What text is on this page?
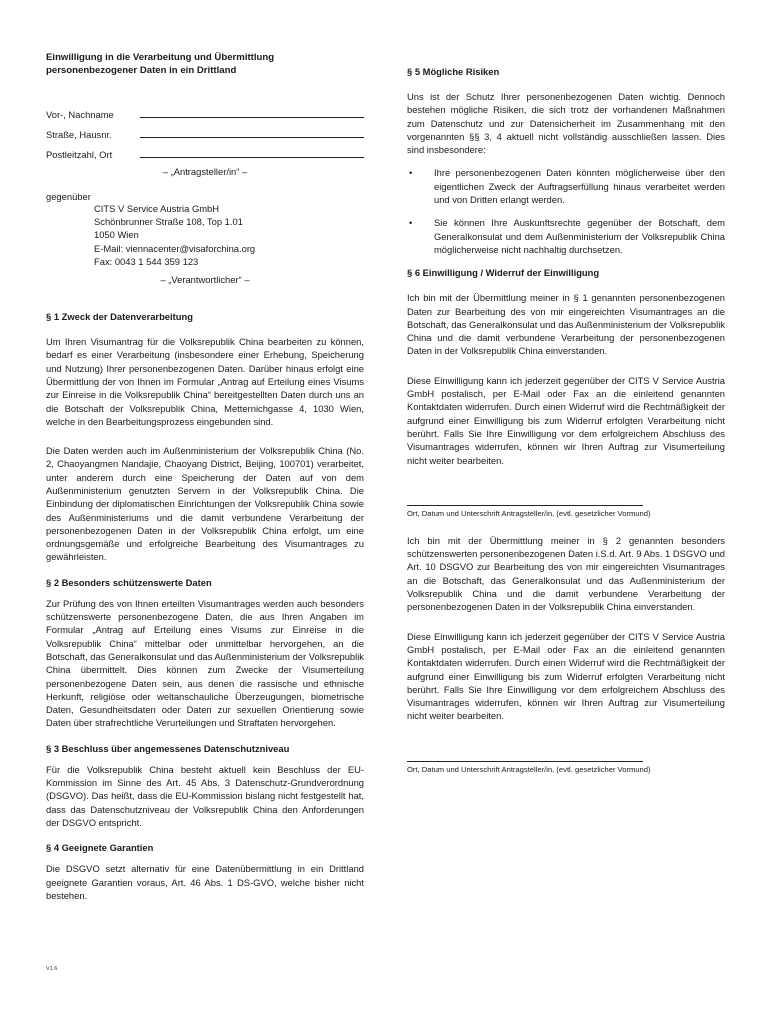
Einwilligung in die Verarbeitung und Übermittlung
personenbezogener Daten in ein Drittland
Vor-, Nachname
Straße, Hausnr.
Postleitzahl, Ort
– „Antragsteller/in“ –
gegenüber
CITS V Service Austria GmbH
Schönbrunner Straße 108, Top 1.01
1050 Wien
E-Mail: viennacenter@visaforchina.org
Fax: 0043 1 544 359 123
– „Verantwortlicher“ –
§ 1 Zweck der Datenverarbeitung

Um Ihren Visumantrag für die Volksrepublik China bearbeiten zu können, bedarf es einer Verarbeitung (insbesondere einer Erhebung, Speicherung und Nutzung) Ihrer personenbezogenen Daten. Darüber hinaus erfolgt eine Übermittlung der von Ihnen im Formular „Antrag auf Erteilung eines Visums zur Einreise in die Volksrepublik China“ bereitgestellten Daten durch uns an die Botschaft der Volksrepublik China, Metternichgasse 4, 1030 Wien, welche in den Bearbeitungsprozess eingebunden sind.

Die Daten werden auch im Außenministerium der Volksrepublik China (No. 2, Chaoyangmen Nandajie, Chaoyang District, Beijing, 100701) verarbeitet, unter anderem durch eine Speicherung der Daten auf von dem Außenministerium genutzten Servern in der Volksrepublik China. Die Einbindung der diplomatischen Einrichtungen der Volksrepublik China sowie des Außenministeriums und die damit verbundene Verarbeitung der personenbezogenen Daten in der Volksrepublik China erfolgt, um eine ordnungsgemäße und erfolgreiche Bearbeitung des Visumantrages zu gewährleisten.

§ 2 Besonders schützenswerte Daten

Zur Prüfung des von Ihnen erteilten Visumantrages werden auch besonders schützenswerte personenbezogene Daten, die aus Ihren Angaben im Formular „Antrag auf Erteilung eines Visums zur Einreise in die Volksrepublik China“ mittelbar oder unmittelbar hervorgehen, an die Botschaft, das Generalkonsulat und das Außenministerium der Volksrepublik China übermittelt. Dies können zum Zwecke der Visumerteilung personenbezogene Daten sein, aus denen die rassische und ethnische Herkunft, religiöse oder weltanschauliche Überzeugungen, biometrische Daten, Gesundheitsdaten oder Daten zur sexuellen Orientierung sowie Daten über strafrechtliche Verurteilungen und Straftaten hervorgehen.

§ 3 Beschluss über angemessenes Datenschutzniveau

Für die Volksrepublik China besteht aktuell kein Beschluss der EU-Kommission im Sinne des Art. 45 Abs. 3 Datenschutz-Grundverordnung (DSGVO). Das heißt, dass die EU-Kommission bislang nicht festgestellt hat, dass das Datenschutzniveau der Volksrepublik China den Anforderungen der DSGVO entspricht.

§ 4 Geeignete Garantien

Die DSGVO setzt alternativ für eine Datenübermittlung in ein Drittland geeignete Garantien voraus, Art. 46 Abs. 1 DS-GVO, welche bisher nicht bestehen.

§ 5 Mögliche Risiken

Uns ist der Schutz Ihrer personenbezogenen Daten wichtig. Dennoch bestehen mögliche Risiken, die sich trotz der vorhandenen Maßnahmen zum Datenschutz und zur Datensicherheit im Zusammenhang mit den vorgenannten §§ 3, 4 aktuell nicht vollständig ausschließen lassen. Dies sind insbesondere:

•	Ihre personenbezogenen Daten könnten möglicherweise über den eigentlichen Zweck der Auftragserfüllung hinaus verarbeitet werden und von Dritten erlangt werden.
•	Sie können Ihre Auskunftsrechte gegenüber der Botschaft, dem Generalkonsulat und dem Außenministerium der Volksrepublik China möglicherweise nicht nachhaltig durchsetzen.
§ 6 Einwilligung / Widerruf der Einwilligung

Ich bin mit der Übermittlung meiner in § 1 genannten personenbezogenen Daten zur Bearbeitung des von mir eingereichten Visumantrages an die Botschaft, das Generalkonsulat und das Außenministerium der Volksrepublik China und die damit verbundene Verarbeitung der personenbezogenen Daten in der Volksrepublik China einverstanden.

Diese Einwilligung kann ich jederzeit gegenüber der CITS V Service Austria GmbH postalisch, per E-Mail oder Fax an die einleitend genannten Kontaktdaten widerrufen. Durch einen Widerruf wird die Rechtmäßigkeit der aufgrund einer Einwilligung bis zum Widerruf erfolgten Verarbeitung nicht berührt. Falls Sie Ihre Einwilligung vor dem erfolgreichem Abschluss des Visumantrages widerrufen, können wir Ihren Auftrag zur Visumerteilung nicht weiter bearbeiten.

Ort, Datum und Unterschrift Antragsteller/in, (evtl. gesetzlicher Vormund)

Ich bin mit der Übermittlung meiner in § 2 genannten besonders schützenswerten personenbezogenen Daten i.S.d. Art. 9 Abs. 1 DSGVO und Art. 10 DSGVO zur Bearbeitung des von mir eingereichten Visumantrages an die Botschaft, das Generalkonsulat und das Außenministerium der Volksrepublik China und die damit verbundene Verarbeitung der personenbezogenen Daten in der Volksrepublik China einverstanden.

Diese Einwilligung kann ich jederzeit gegenüber der CITS V Service Austria GmbH postalisch, per E-Mail oder Fax an die einleitend genannten Kontaktdaten widerrufen. Durch einen Widerruf wird die Rechtmäßigkeit der aufgrund einer Einwilligung bis zum Widerruf erfolgten Verarbeitung nicht berührt. Falls Sie Ihre Einwilligung vor dem erfolgreichem Abschluss des Visumantrages widerrufen, können wir Ihren Auftrag zur Visumerteilung nicht weiter bearbeiten.

Ort, Datum und Unterschrift Antragsteller/in, (evtl. gesetzlicher Vormund)
V1.6
